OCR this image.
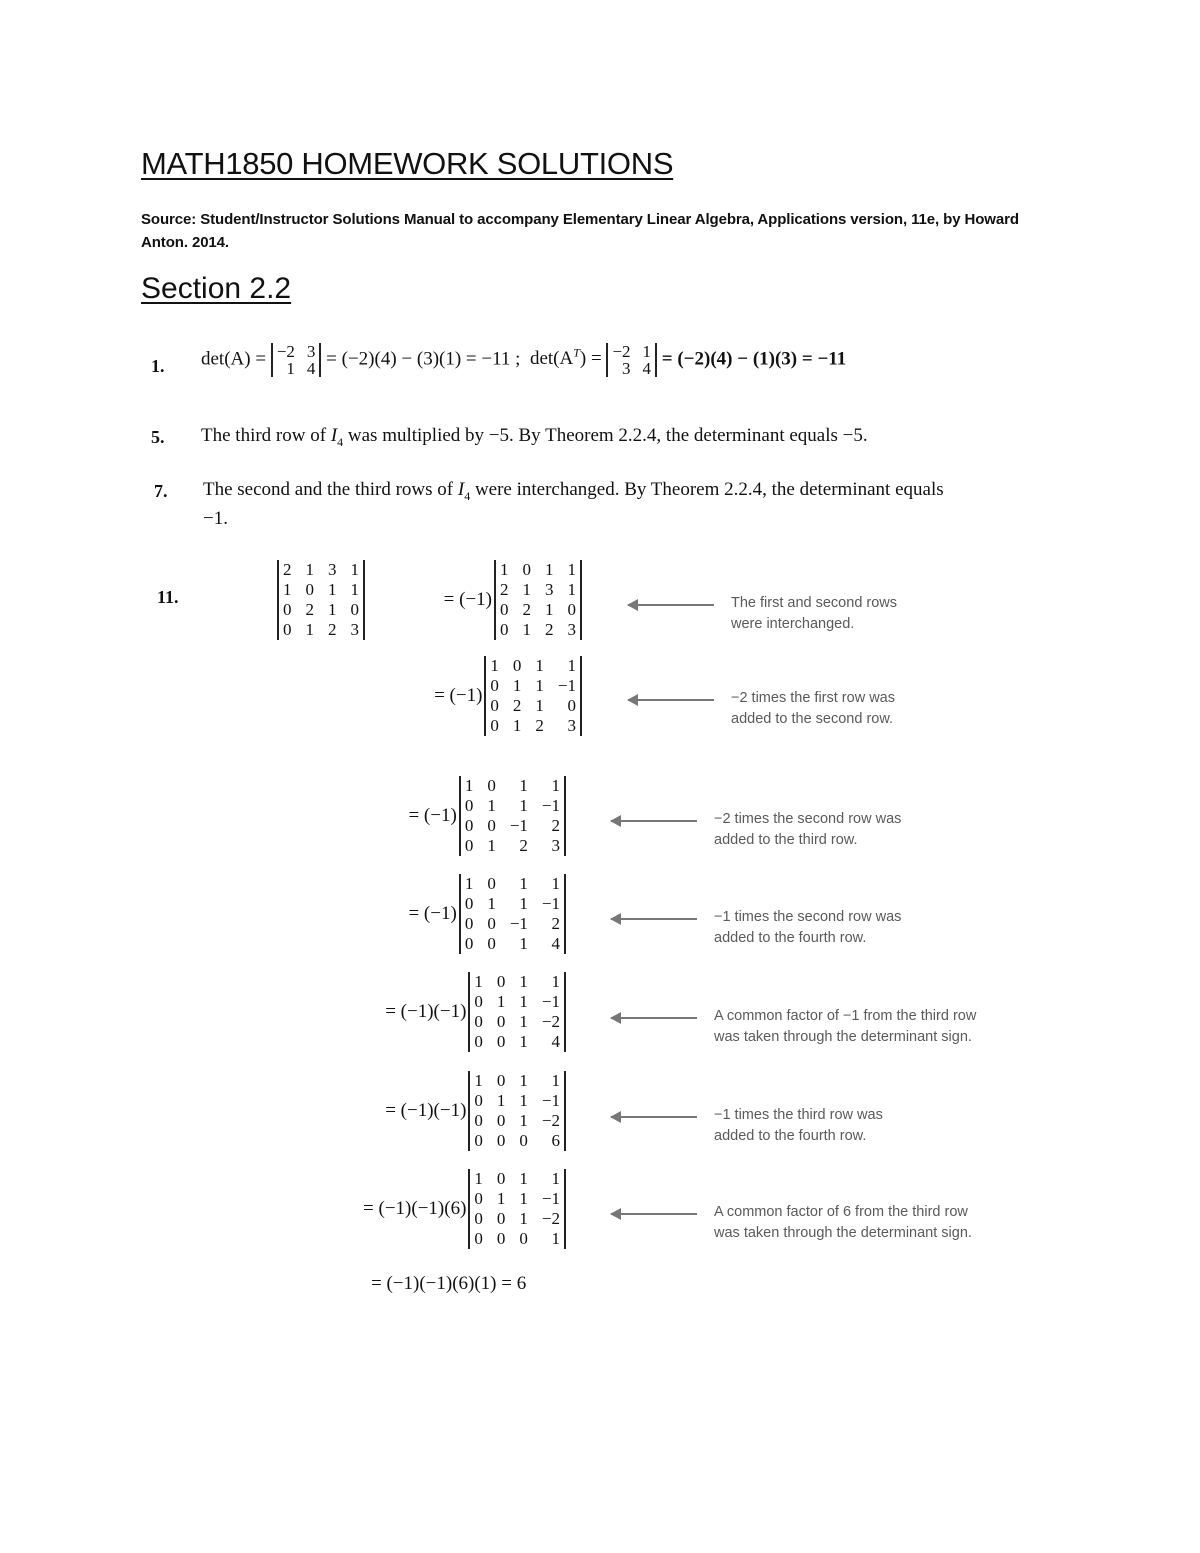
MATH1850 HOMEWORK SOLUTIONS
Source: Student/Instructor Solutions Manual to accompany Elementary Linear Algebra, Applications version, 11e, by Howard Anton. 2014.
Section 2.2
1. det(A) = −2	3
1	4 = (−2)(4) − (3)(1) = −11 ; $\det(A^T) = -2$	1
3	4 = (−2)(4) − (1)(3) = −11
5. The third row of $I_4$ was multiplied by −5. By Theorem 2.2.4, the determinant equals −5.
7. The second and the third rows of $I_4$ were interchanged. By Theorem 2.2.4, the determinant equals
−1.
11.
2	1	3	1
1	0	1	1
0	2	1	0
0	1	2	3
= (−1)
1	0	1	1
2	1	3	1
0	2	1	0
0	1	2	3
The first and second rows
were interchanged.
= (−1)
1	0	1	1
0	1	1	−1
0	2	1	0
0	1	2	3
−2 times the first row was
added to the second row.
= (−1)
1	0	1	1
0	1	1	−1
0	0	−1	2
0	1	2	3
−2 times the second row was
added to the third row.
= (−1)
1	0	1	1
0	1	1	−1
0	0	−1	2
0	0	1	4
−1 times the second row was
added to the fourth row.
= (−1)(−1)
1	0	1	1
0	1	1	−1
0	0	1	−2
0	0	1	4
A common factor of −1 from the third row
was taken through the determinant sign.
= (−1)(−1)
1	0	1	1
0	1	1	−1
0	0	1	−2
0	0	0	6
−1 times the third row was
added to the fourth row.
= (−1)(−1)(6)
1	0	1	1
0	1	1	−1
0	0	1	−2
0	0	0	1
A common factor of 6 from the third row
was taken through the determinant sign.
= (−1)(−1)(6)(1) = 6
